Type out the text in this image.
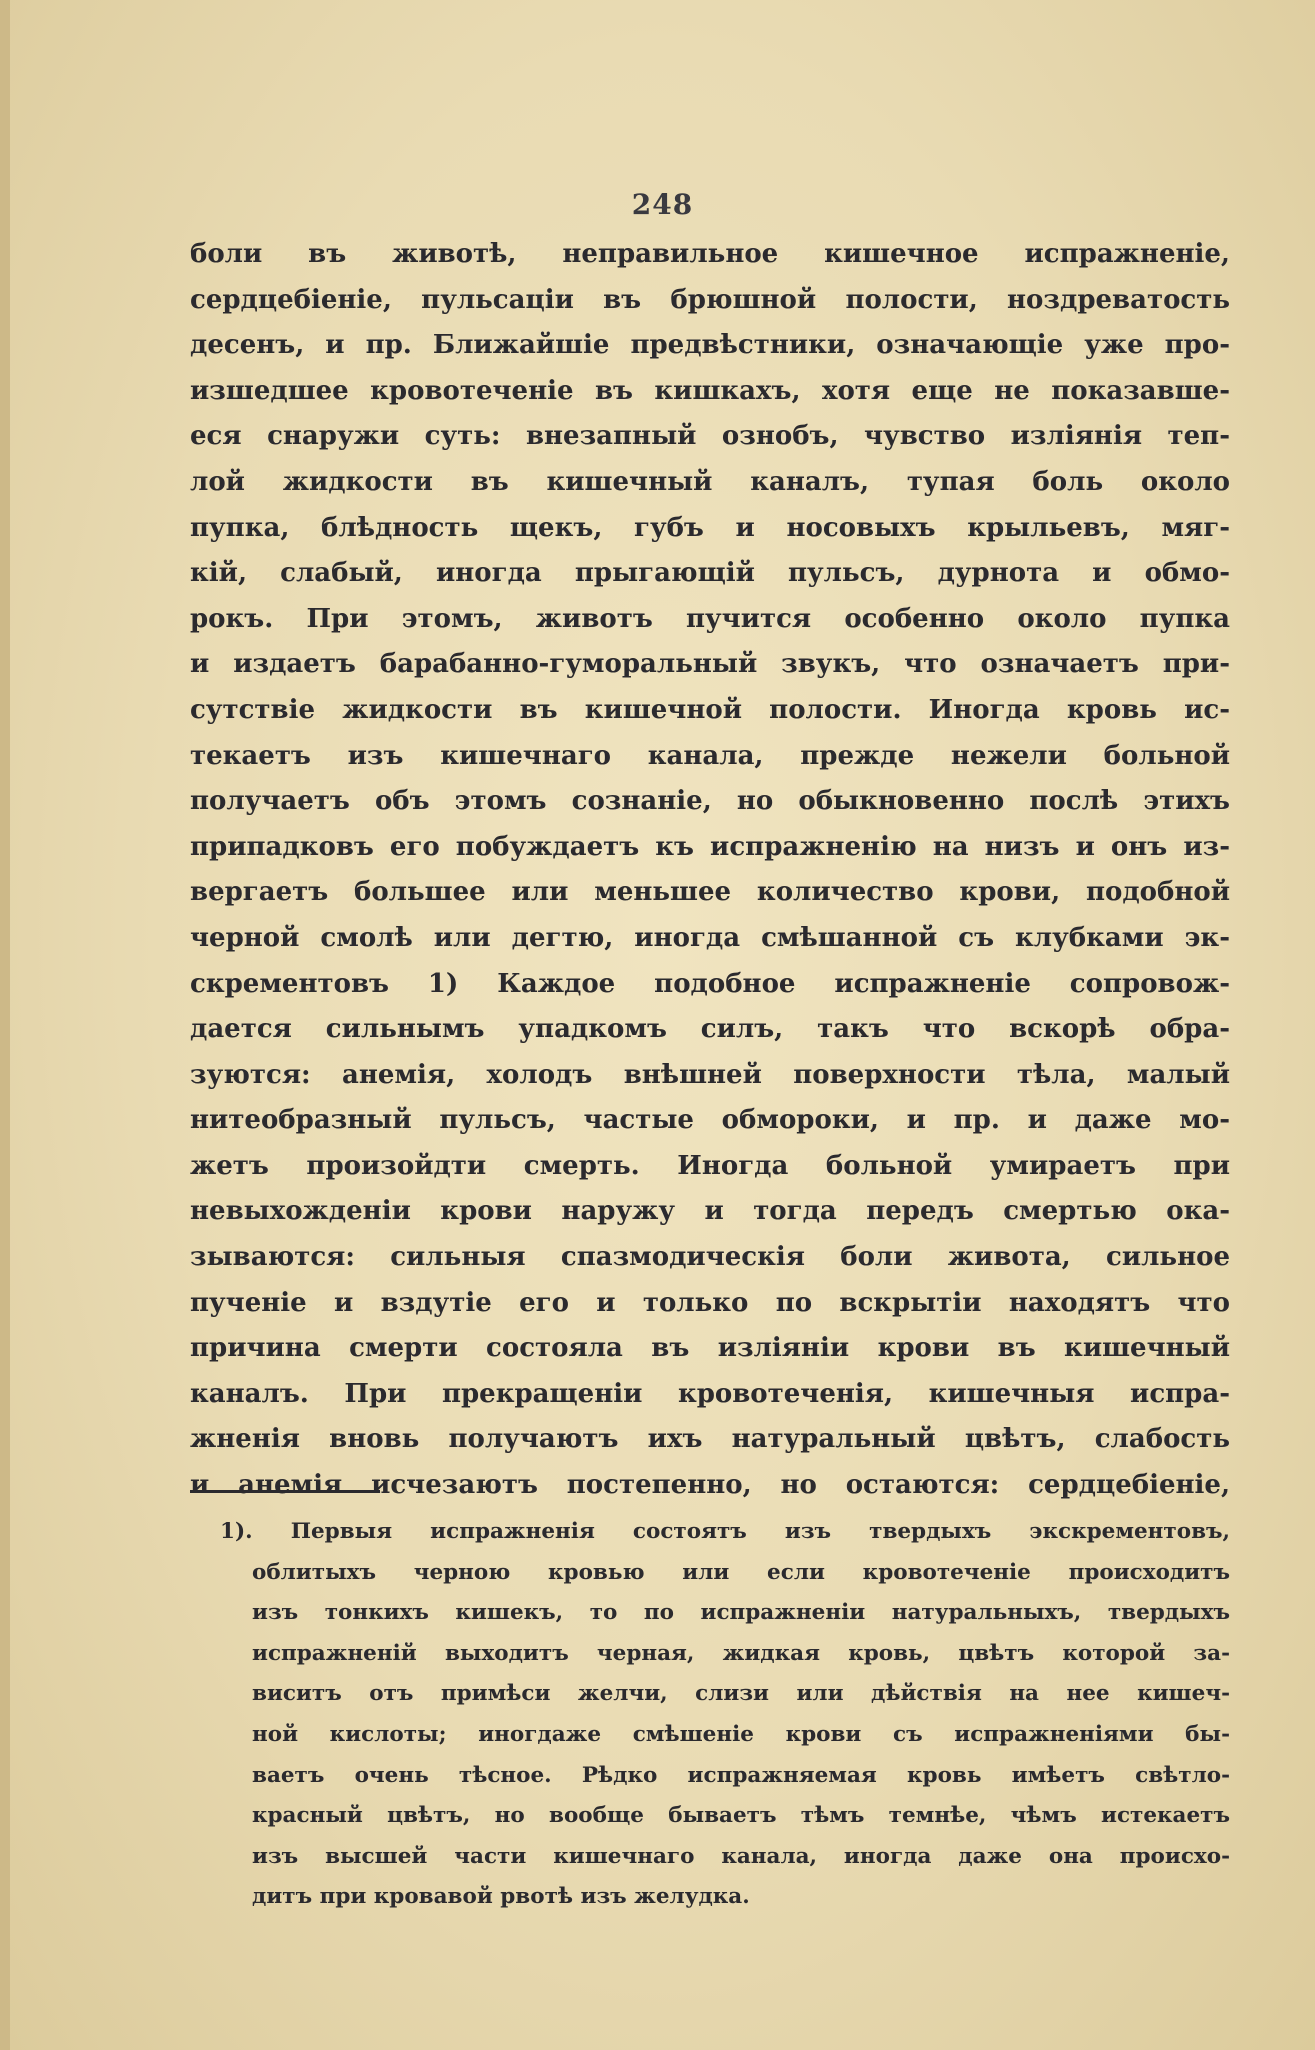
248
боли въ животѣ, неправильное кишечное испражненіе,
сердцебіеніе, пульсаціи въ брюшной полости, ноздреватость
десенъ, и пр. Ближайшіе предвѣстники, означающіе уже про-
изшедшее кровотеченіе въ кишкахъ, хотя еще не показавше-
еся снаружи суть: внезапный ознобъ, чувство изліянія теп-
лой жидкости въ кишечный каналъ, тупая боль около
пупка, блѣдность щекъ, губъ и носовыхъ крыльевъ, мяг-
кій, слабый, иногда прыгающій пульсъ, дурнота и обмо-
рокъ. При этомъ, животъ пучится особенно около пупка
и издаетъ барабанно-гуморальный звукъ, что означаетъ при-
сутствіе жидкости въ кишечной полости. Иногда кровь ис-
текаетъ изъ кишечнаго канала, прежде нежели больной
получаетъ объ этомъ сознаніе, но обыкновенно послѣ этихъ
припадковъ его побуждаетъ къ испражненію на низъ и онъ из-
вергаетъ большее или меньшее количество крови, подобной
черной смолѣ или дегтю, иногда смѣшанной съ клубками эк-
скрементовъ 1) Каждое подобное испражненіе сопровож-
дается сильнымъ упадкомъ силъ, такъ что вскорѣ обра-
зуются: анемія, холодъ внѣшней поверхности тѣла, малый
нитеобразный пульсъ, частые обмороки, и пр. и даже мо-
жетъ произойдти смерть. Иногда больной умираетъ при
невыхожденіи крови наружу и тогда передъ смертью ока-
зываются: сильныя спазмодическія боли живота, сильное
пученіе и вздутіе его и только по вскрытіи находятъ что
причина смерти состояла въ изліяніи крови въ кишечный
каналъ. При прекращеніи кровотеченія, кишечныя испра-
жненія вновь получаютъ ихъ натуральный цвѣтъ, слабость
и анемія исчезаютъ постепенно, но остаются: сердцебіеніе,
1). Первыя испражненія состоятъ изъ твердыхъ экскрементовъ,
облитыхъ черною кровью или если кровотеченіе происходитъ
изъ тонкихъ кишекъ, то по испражненіи натуральныхъ, твердыхъ
испражненій выходитъ черная, жидкая кровь, цвѣтъ которой за-
виситъ отъ примѣси желчи, слизи или дѣйствія на нее кишеч-
ной кислоты; иногдаже смѣшеніе крови съ испражненіями бы-
ваетъ очень тѣсное. Рѣдко испражняемая кровь имѣетъ свѣтло-
красный цвѣтъ, но вообще бываетъ тѣмъ темнѣе, чѣмъ истекаетъ
изъ высшей части кишечнаго канала, иногда даже она происхо-
дитъ при кровавой рвотѣ изъ желудка.
